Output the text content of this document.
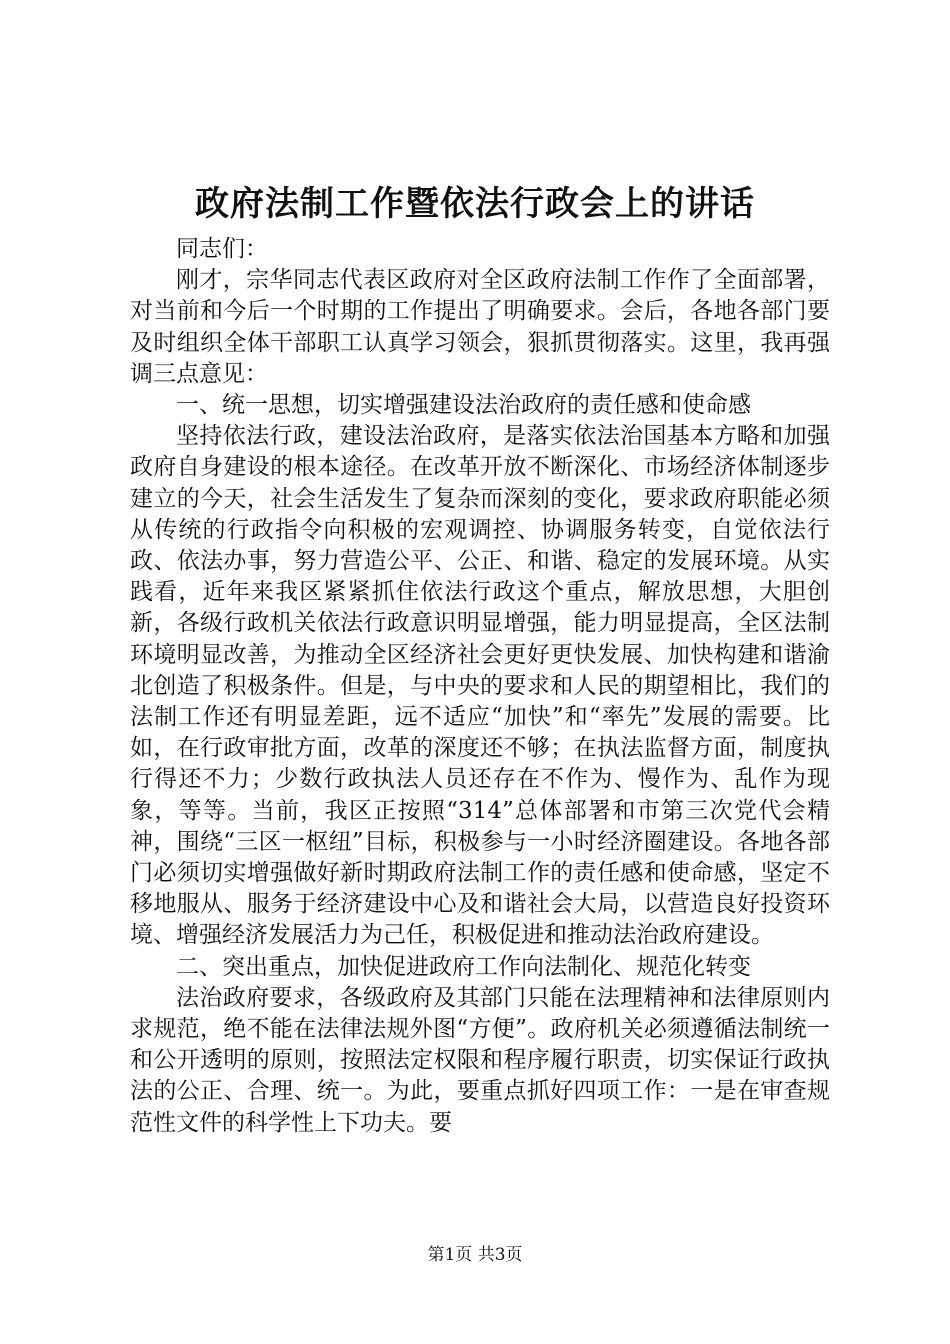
政府法制工作暨依法行政会上的讲话

同志们：

刚才，宗华同志代表区政府对全区政府法制工作作了全面部署，对当前和今后一个时期的工作提出了明确要求。会后，各地各部门要及时组织全体干部职工认真学习领会，狠抓贯彻落实。这里，我再强调三点意见：

一、统一思想，切实增强建设法治政府的责任感和使命感

坚持依法行政，建设法治政府，是落实依法治国基本方略和加强政府自身建设的根本途径。在改革开放不断深化、市场经济体制逐步建立的今天，社会生活发生了复杂而深刻的变化，要求政府职能必须从传统的行政指令向积极的宏观调控、协调服务转变，自觉依法行政、依法办事，努力营造公平、公正、和谐、稳定的发展环境。从实践看，近年来我区紧紧抓住依法行政这个重点，解放思想，大胆创新，各级行政机关依法行政意识明显增强，能力明显提高，全区法制环境明显改善，为推动全区经济社会更好更快发展、加快构建和谐渝北创造了积极条件。但是，与中央的要求和人民的期望相比，我们的法制工作还有明显差距，远不适应“加快”和“率先”发展的需要。比如，在行政审批方面，改革的深度还不够；在执法监督方面，制度执行得还不力；少数行政执法人员还存在不作为、慢作为、乱作为现象，等等。当前，我区正按照“314”总体部署和市第三次党代会精神，围绕“三区一枢纽”目标，积极参与一小时经济圈建设。各地各部门必须切实增强做好新时期政府法制工作的责任感和使命感，坚定不移地服从、服务于经济建设中心及和谐社会大局，以营造良好投资环境、增强经济发展活力为己任，积极促进和推动法治政府建设。

二、突出重点，加快促进政府工作向法制化、规范化转变

法治政府要求，各级政府及其部门只能在法理精神和法律原则内求规范，绝不能在法律法规外图“方便”。政府机关必须遵循法制统一和公开透明的原则，按照法定权限和程序履行职责，切实保证行政执法的公正、合理、统一。为此，要重点抓好四项工作：一是在审查规范性文件的科学性上下功夫。要

第1页 共3页
